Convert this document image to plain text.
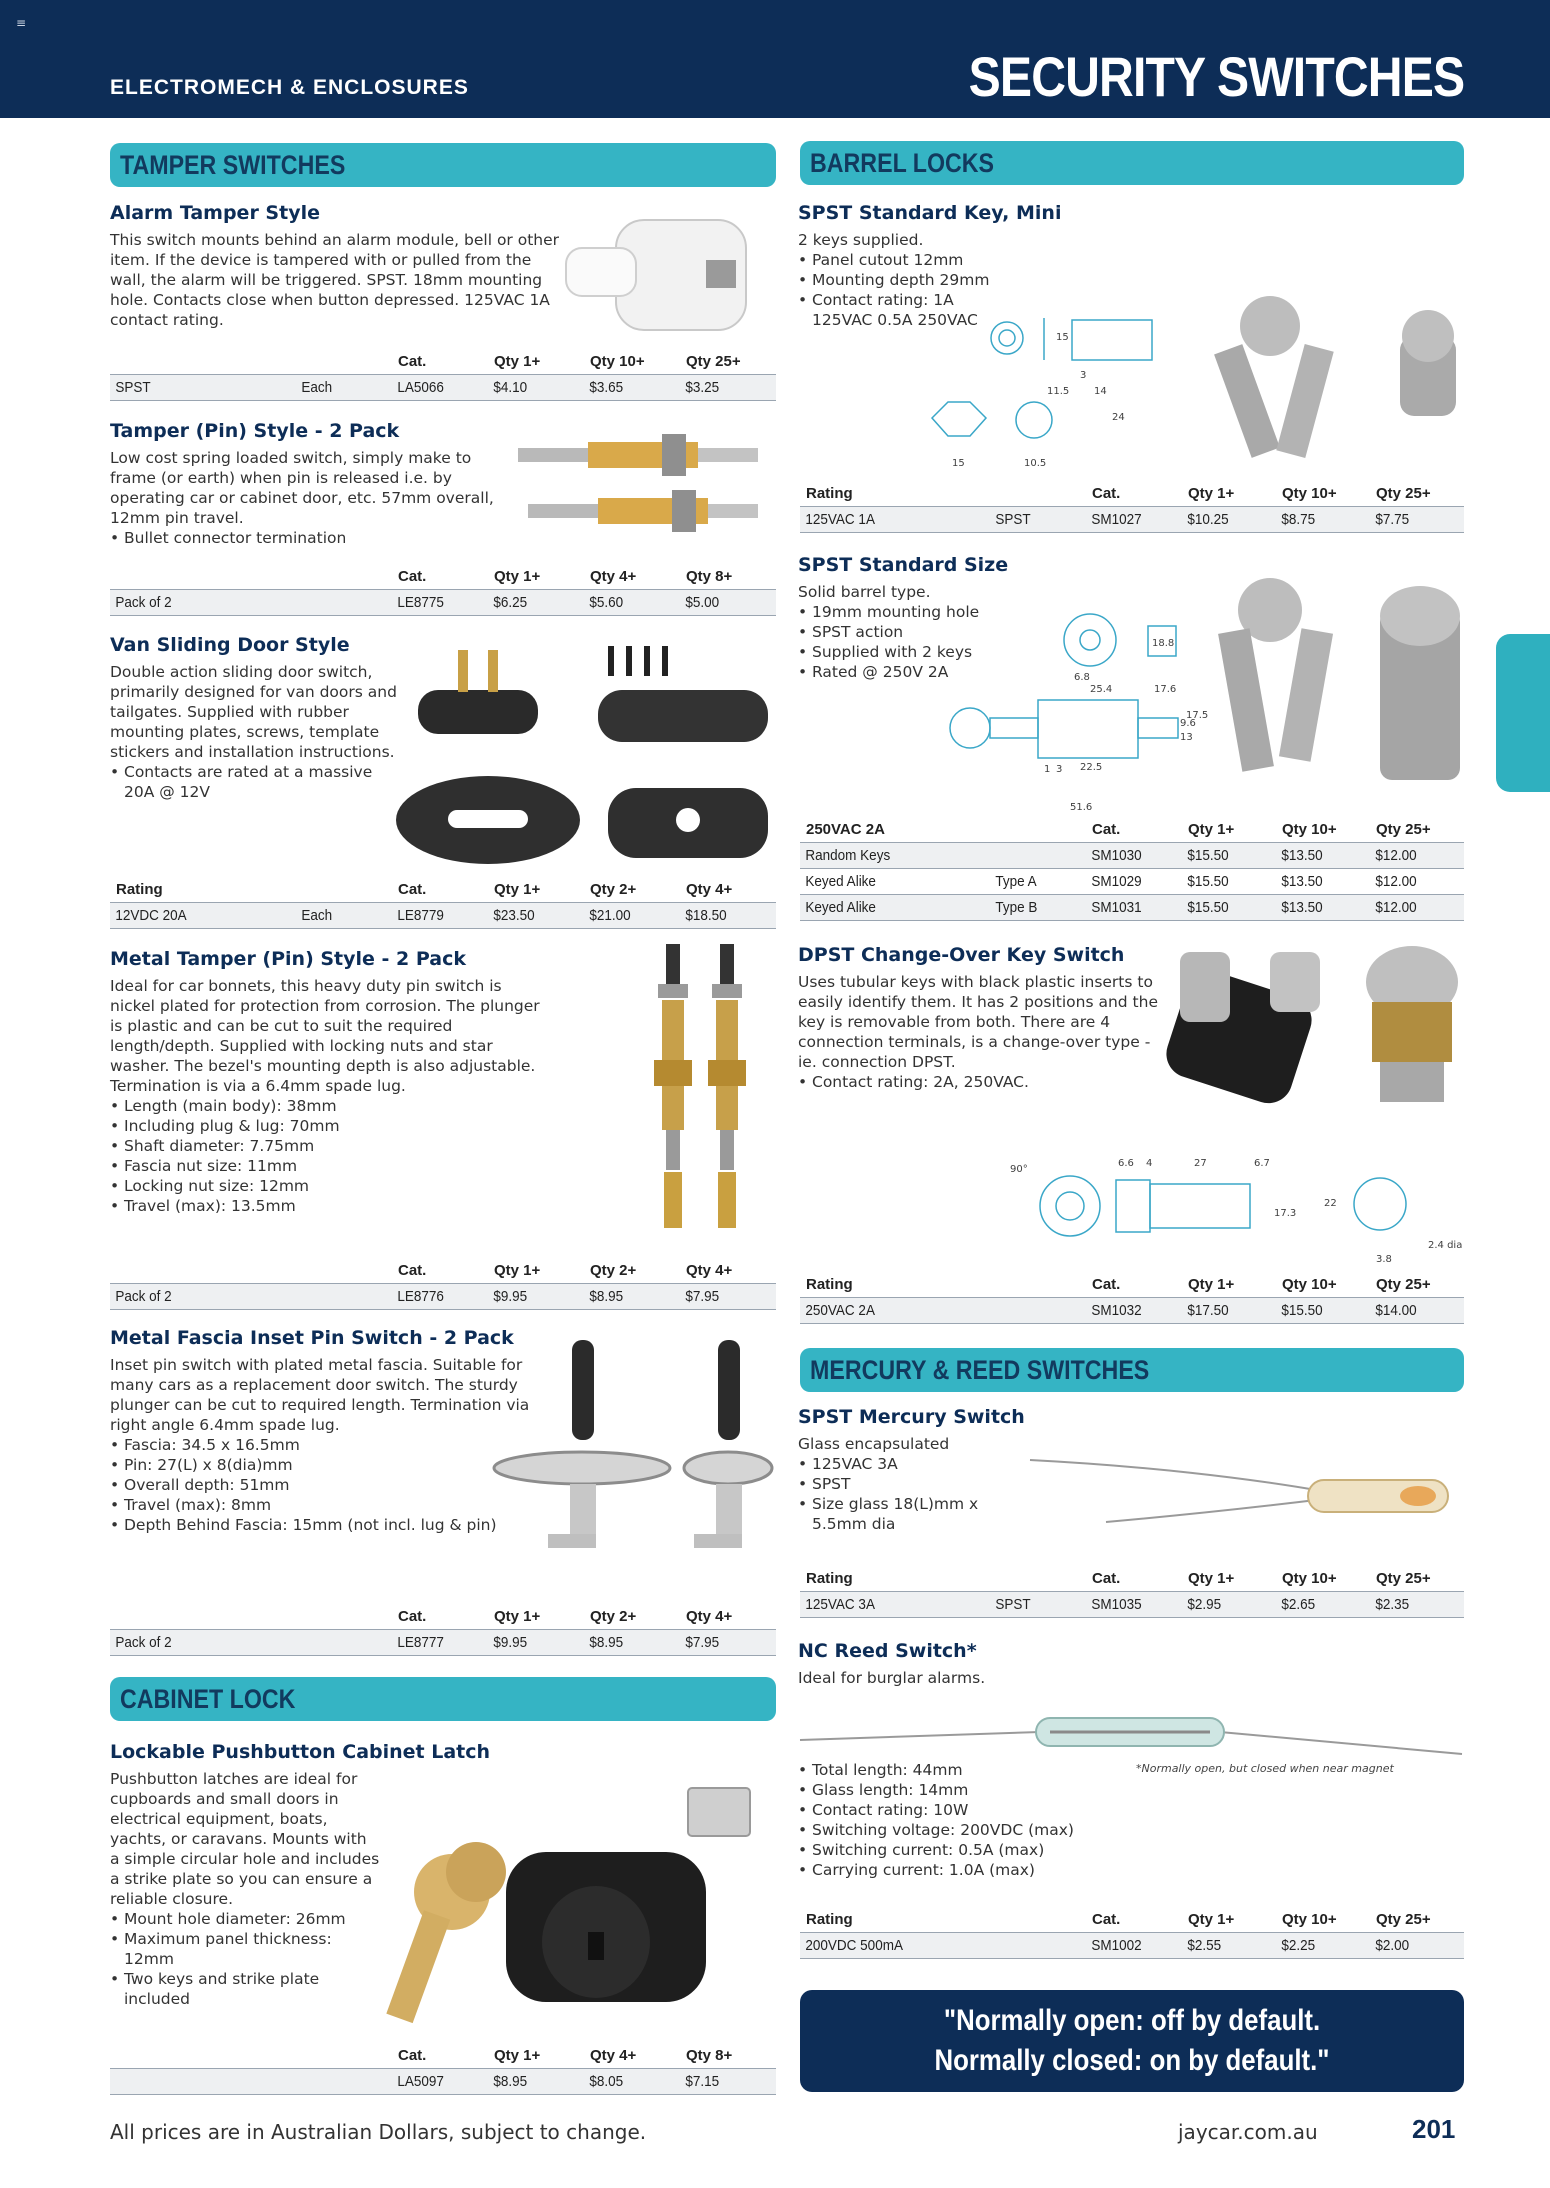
≡
ELECTROMECH & ENCLOSURES	SECURITY SWITCHES
TAMPER SWITCHES	BARREL LOCKS
MERCURY & REED SWITCHES
CABINET LOCK
Alarm Tamper Style

This switch mounts behind an alarm module, bell or other item. If the device is tampered with or pulled from the wall, the alarm will be triggered. SPST. 18mm mounting hole. Contacts close when button depressed. 125VAC 1A contact rating.

		Cat.	Qty 1+	Qty 10+	Qty 25+
SPST	Each	LA5066	$4.10	$3.65	$3.25
Tamper (Pin) Style - 2 Pack

Low cost spring loaded switch, simply make to frame (or earth) when pin is released i.e. by operating car or cabinet door, etc. 57mm overall, 12mm pin travel.

• Bullet connector termination
		Cat.	Qty 1+	Qty 4+	Qty 8+
Pack of 2		LE8775	$6.25	$5.60	$5.00
Van Sliding Door Style

Double action sliding door switch, primarily designed for van doors and tailgates. Supplied with rubber mounting plates, screws, template stickers and installation instructions.

• Contacts are rated at a massive 20A @ 12V
Rating		Cat.	Qty 1+	Qty 2+	Qty 4+
12VDC 20A	Each	LE8779	$23.50	$21.00	$18.50
Metal Tamper (Pin) Style - 2 Pack

Ideal for car bonnets, this heavy duty pin switch is nickel plated for protection from corrosion. The plunger is plastic and can be cut to suit the required length/depth. Supplied with locking nuts and star washer. The bezel's mounting depth is also adjustable. Termination is via a 6.4mm spade lug.

• Length (main body): 38mm
• Including plug & lug: 70mm
• Shaft diameter: 7.75mm
• Fascia nut size: 11mm
• Locking nut size: 12mm
• Travel (max): 13.5mm
		Cat.	Qty 1+	Qty 2+	Qty 4+
Pack of 2		LE8776	$9.95	$8.95	$7.95
Metal Fascia Inset Pin Switch - 2 Pack

Inset pin switch with plated metal fascia. Suitable for many cars as a replacement door switch. The sturdy plunger can be cut to required length. Termination via right angle 6.4mm spade lug.

• Fascia: 34.5 x 16.5mm
• Pin: 27(L) x 8(dia)mm
• Overall depth: 51mm
• Travel (max): 8mm
• Depth Behind Fascia: 15mm (not incl. lug & pin)
		Cat.	Qty 1+	Qty 2+	Qty 4+
Pack of 2		LE8777	$9.95	$8.95	$7.95
Lockable Pushbutton Cabinet Latch

Pushbutton latches are ideal for cupboards and small doors in electrical equipment, boats, yachts, or caravans. Mounts with a simple circular hole and includes a strike plate so you can ensure a reliable closure.

• Mount hole diameter: 26mm
• Maximum panel thickness: 12mm
• Two keys and strike plate included
		Cat.	Qty 1+	Qty 4+	Qty 8+
		LA5097	$8.95	$8.05	$7.15
SPST Standard Key, Mini

2 keys supplied.

• Panel cutout 12mm
• Mounting depth 29mm
• Contact rating: 1A 125VAC 0.5A 250VAC
15
3
11.5 14
24
15	10.5
Rating		Cat.	Qty 1+	Qty 10+	Qty 25+
125VAC 1A	SPST	SM1027	$10.25	$8.75	$7.75
SPST Standard Size

Solid barrel type.

• 19mm mounting hole
• SPST action
• Supplied with 2 keys
• Rated @ 250V 2A
18.8
6.8
25.4	17.6
9.6
13
17.5
22.5
51.6
1 3
250VAC 2A		Cat.	Qty 1+	Qty 10+	Qty 25+
Random Keys		SM1030	$15.50	$13.50	$12.00
Keyed Alike	Type A	SM1029	$15.50	$13.50	$12.00
Keyed Alike	Type B	SM1031	$15.50	$13.50	$12.00
DPST Change-Over Key Switch

Uses tubular keys with black plastic inserts to easily identify them. It has 2 positions and the key is removable from both. There are 4 connection terminals, is a change-over type - ie. connection DPST.

• Contact rating: 2A, 250VAC.
90°
6.6 4	27	6.7
17.3
22
2.4 dia
3.8
Rating		Cat.	Qty 1+	Qty 10+	Qty 25+
250VAC 2A		SM1032	$17.50	$15.50	$14.00
SPST Mercury Switch

Glass encapsulated

• 125VAC 3A
• SPST
• Size glass 18(L)mm x 5.5mm dia
Rating		Cat.	Qty 1+	Qty 10+	Qty 25+
125VAC 3A	SPST	SM1035	$2.95	$2.65	$2.35
NC Reed Switch*

Ideal for burglar alarms.

*Normally open, but closed when near magnet
• Total length: 44mm
• Glass length: 14mm
• Contact rating: 10W
• Switching voltage: 200VDC (max)
• Switching current: 0.5A (max)
• Carrying current: 1.0A (max)
Rating		Cat.	Qty 1+	Qty 10+	Qty 25+
200VDC 500mA		SM1002	$2.55	$2.25	$2.00
"Normally open: off by default.
Normally closed: on by default."
All prices are in Australian Dollars, subject to change.	jaycar.com.au	201
